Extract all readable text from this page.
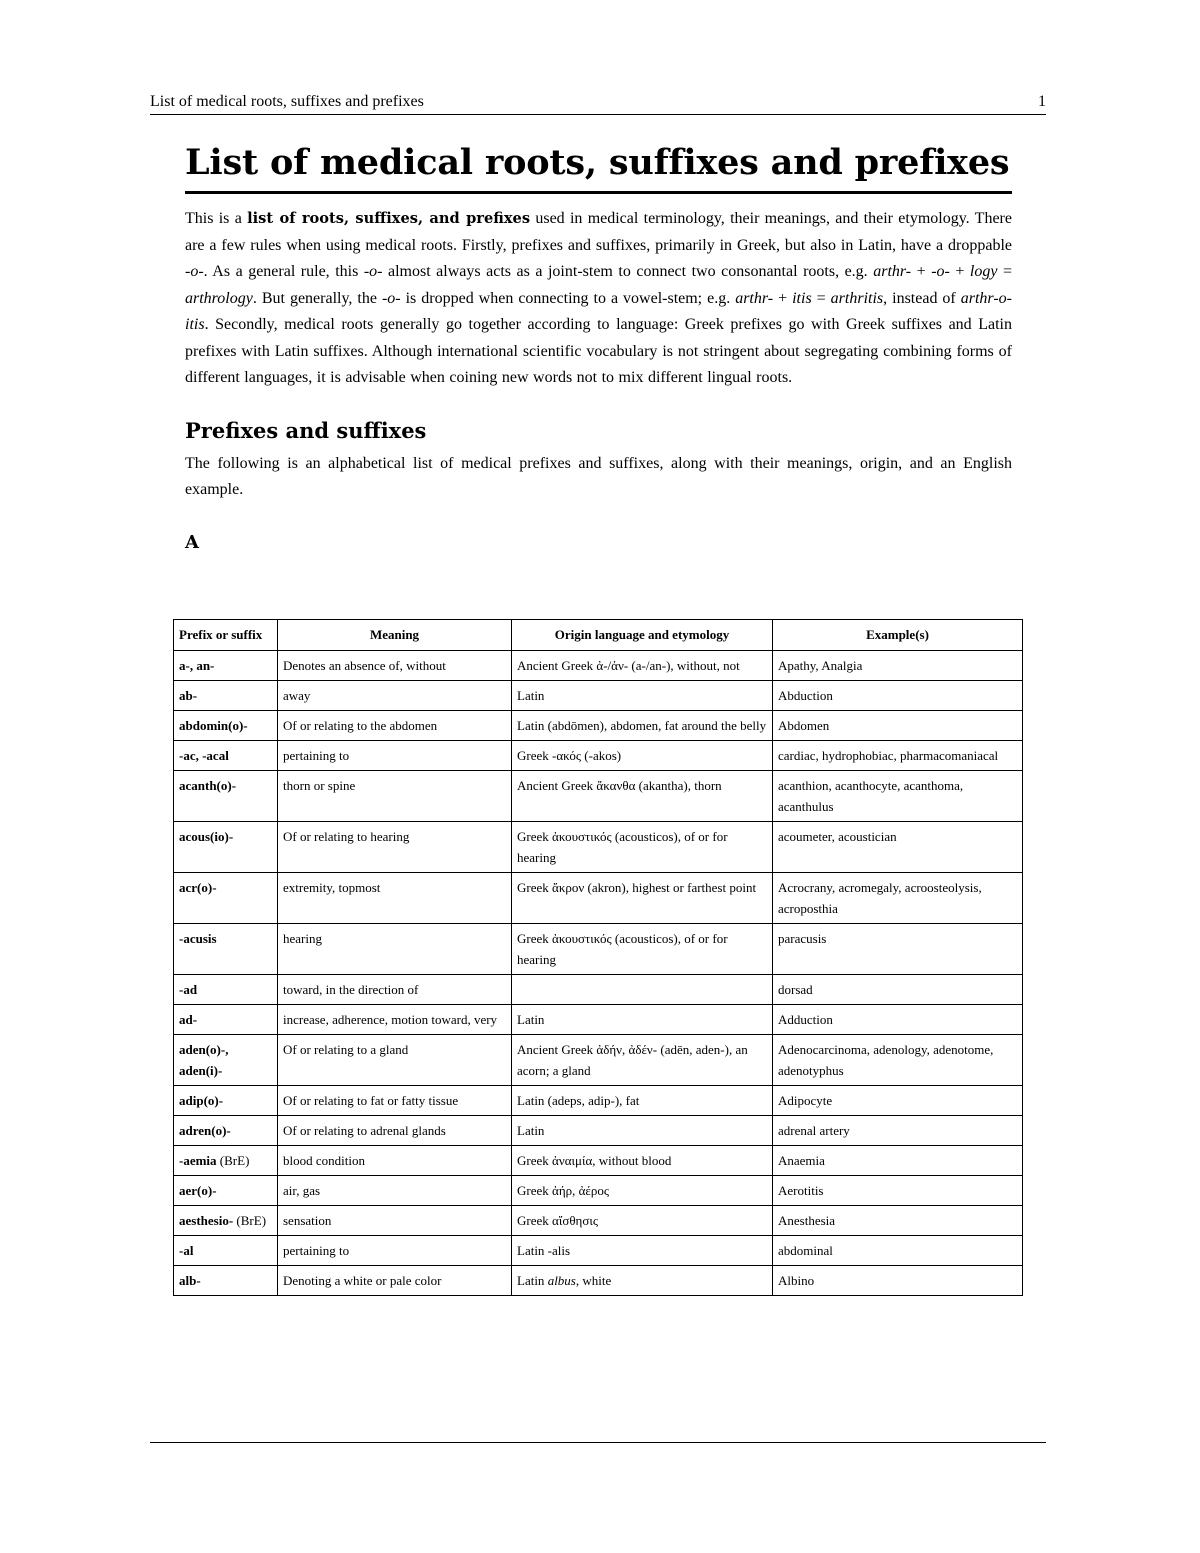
List of medical roots, suffixes and prefixes	1
List of medical roots, suffixes and prefixes

This is a list of roots, suffixes, and prefixes used in medical terminology, their meanings, and their etymology. There are a few rules when using medical roots. Firstly, prefixes and suffixes, primarily in Greek, but also in Latin, have a droppable -o-. As a general rule, this -o- almost always acts as a joint-stem to connect two consonantal roots, e.g. arthr- + -o- + logy = arthrology. But generally, the -o- is dropped when connecting to a vowel-stem; e.g. arthr- + itis = arthritis, instead of arthr-o-itis. Secondly, medical roots generally go together according to language: Greek prefixes go with Greek suffixes and Latin prefixes with Latin suffixes. Although international scientific vocabulary is not stringent about segregating combining forms of different languages, it is advisable when coining new words not to mix different lingual roots.

Prefixes and suffixes

The following is an alphabetical list of medical prefixes and suffixes, along with their meanings, origin, and an English example.

A
Prefix or suffix	Meaning	Origin language and etymology	Example(s)
a-, an-	Denotes an absence of, without	Ancient Greek ἀ-/ἀν- (a-/an-), without, not	Apathy, Analgia
ab-	away	Latin	Abduction
abdomin(o)-	Of or relating to the abdomen	Latin (abdōmen), abdomen, fat around the belly	Abdomen
-ac, -acal	pertaining to	Greek -ακός (-akos)	cardiac, hydrophobiac, pharmacomaniacal
acanth(o)-	thorn or spine	Ancient Greek ἄκανθα (akantha), thorn	acanthion, acanthocyte, acanthoma, acanthulus
acous(io)-	Of or relating to hearing	Greek ἀκουστικός (acousticos), of or for hearing	acoumeter, acoustician
acr(o)-	extremity, topmost	Greek ἄκρον (akron), highest or farthest point	Acrocrany, acromegaly, acroosteolysis, acroposthia
-acusis	hearing	Greek ἀκουστικός (acousticos), of or for hearing	paracusis
-ad	toward, in the direction of		dorsad
ad-	increase, adherence, motion toward, very	Latin	Adduction
aden(o)-, aden(i)-	Of or relating to a gland	Ancient Greek ἀδήν, ἀδέν- (adēn, aden-), an acorn; a gland	Adenocarcinoma, adenology, adenotome, adenotyphus
adip(o)-	Of or relating to fat or fatty tissue	Latin (adeps, adip-), fat	Adipocyte
adren(o)-	Of or relating to adrenal glands	Latin	adrenal artery
-aemia (BrE)	blood condition	Greek ἀναιμία, without blood	Anaemia
aer(o)-	air, gas	Greek ἀήρ, ἀέρος	Aerotitis
aesthesio- (BrE)	sensation	Greek αἴσθησις	Anesthesia
-al	pertaining to	Latin -alis	abdominal
alb-	Denoting a white or pale color	Latin albus, white	Albino
